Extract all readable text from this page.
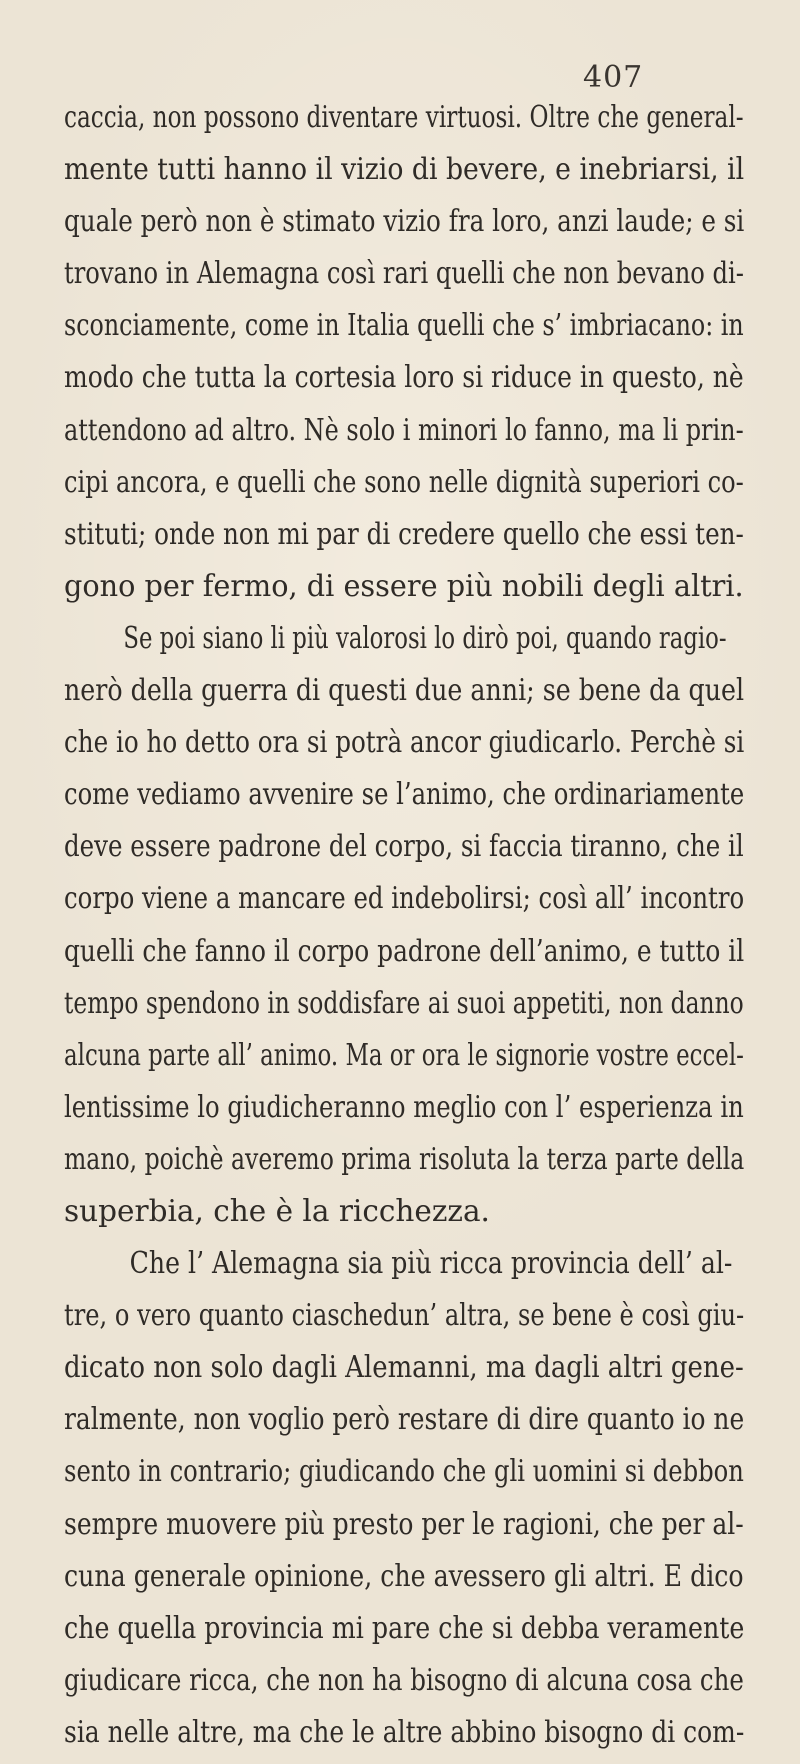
407
caccia, non possono diventare virtuosi. Oltre che general-
mente tutti hanno il vizio di bevere, e inebriarsi, il
quale però non è stimato vizio fra loro, anzi laude; e si
trovano in Alemagna così rari quelli che non bevano di-
sconciamente, come in Italia quelli che s’ imbriacano: in
modo che tutta la cortesia loro si riduce in questo, nè
attendono ad altro. Nè solo i minori lo fanno, ma li prin-
cipi ancora, e quelli che sono nelle dignità superiori co-
stituti; onde non mi par di credere quello che essi ten-
gono per fermo, di essere più nobili degli altri.
Se poi siano li più valorosi lo dirò poi, quando ragio-
nerò della guerra di questi due anni; se bene da quel
che io ho detto ora si potrà ancor giudicarlo. Perchè si
come vediamo avvenire se l’animo, che ordinariamente
deve essere padrone del corpo, si faccia tiranno, che il
corpo viene a mancare ed indebolirsi; così all’ incontro
quelli che fanno il corpo padrone dell’animo, e tutto il
tempo spendono in soddisfare ai suoi appetiti, non danno
alcuna parte all’ animo. Ma or ora le signorie vostre eccel-
lentissime lo giudicheranno meglio con l’ esperienza in
mano, poichè averemo prima risoluta la terza parte della
superbia, che è la ricchezza.
Che l’ Alemagna sia più ricca provincia dell’ al-
tre, o vero quanto ciaschedun’ altra, se bene è così giu-
dicato non solo dagli Alemanni, ma dagli altri gene-
ralmente, non voglio però restare di dire quanto io ne
sento in contrario; giudicando che gli uomini si debbon
sempre muovere più presto per le ragioni, che per al-
cuna generale opinione, che avessero gli altri. E dico
che quella provincia mi pare che si debba veramente
giudicare ricca, che non ha bisogno di alcuna cosa che
sia nelle altre, ma che le altre abbino bisogno di com-
